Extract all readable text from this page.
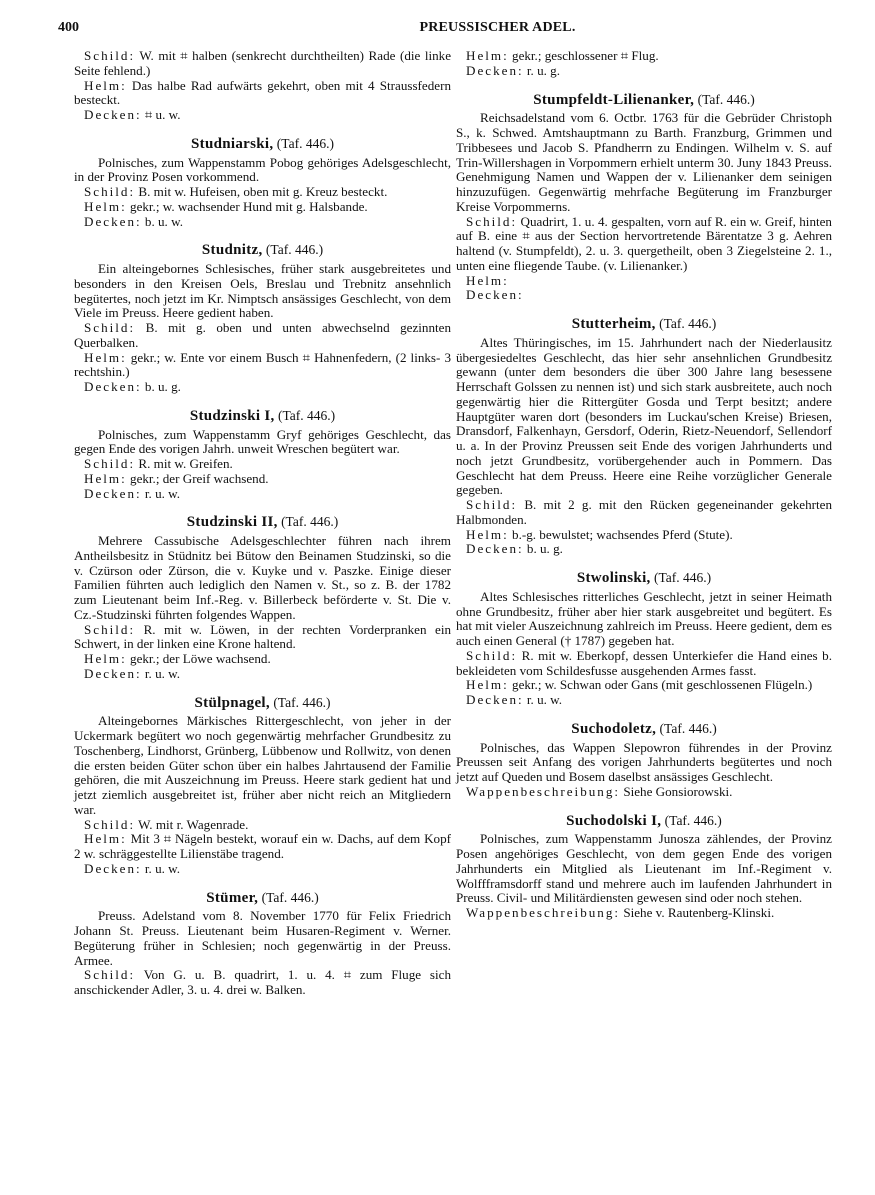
400	PREUSSISCHER ADEL.

Schild: W. mit ⌗ halben (senkrecht durchtheilten) Rade (die linke Seite fehlend.)

Helm: Das halbe Rad aufwärts gekehrt, oben mit 4 Straussfedern besteckt.

Decken: ⌗ u. w.

Studniarski, (Taf. 446.)

Polnisches, zum Wappenstamm Pobog gehöriges Adelsgeschlecht, in der Provinz Posen vorkommend.

Schild: B. mit w. Hufeisen, oben mit g. Kreuz besteckt.

Helm: gekr.; w. wachsender Hund mit g. Halsbande.

Decken: b. u. w.

Studnitz, (Taf. 446.)

Ein alteingebornes Schlesisches, früher stark ausgebreitetes und besonders in den Kreisen Oels, Breslau und Trebnitz ansehnlich begütertes, noch jetzt im Kr. Nimptsch ansässiges Geschlecht, von dem Viele im Preuss. Heere gedient haben.

Schild: B. mit g. oben und unten abwechselnd gezinnten Querbalken.

Helm: gekr.; w. Ente vor einem Busch ⌗ Hahnenfedern, (2 links- 3 rechtshin.)

Decken: b. u. g.

Studzinski I, (Taf. 446.)

Polnisches, zum Wappenstamm Gryf gehöriges Geschlecht, das gegen Ende des vorigen Jahrh. unweit Wreschen begütert war.

Schild: R. mit w. Greifen.

Helm: gekr.; der Greif wachsend.

Decken: r. u. w.

Studzinski II, (Taf. 446.)

Mehrere Cassubische Adelsgeschlechter führen nach ihrem Antheilsbesitz in Stüdnitz bei Bütow den Beinamen Studzinski, so die v. Czürson oder Zürson, die v. Kuyke und v. Paszke. Einige dieser Familien führten auch lediglich den Namen v. St., so z. B. der 1782 zum Lieutenant beim Inf.-Reg. v. Billerbeck beförderte v. St. Die v. Cz.-Studzinski führten folgendes Wappen.

Schild: R. mit w. Löwen, in der rechten Vorderpranken ein Schwert, in der linken eine Krone haltend.

Helm: gekr.; der Löwe wachsend.

Decken: r. u. w.

Stülpnagel, (Taf. 446.)

Alteingebornes Märkisches Rittergeschlecht, von jeher in der Uckermark begütert wo noch gegenwärtig mehrfacher Grundbesitz zu Toschenberg, Lindhorst, Grünberg, Lübbenow und Rollwitz, von denen die ersten beiden Güter schon über ein halbes Jahrtausend der Familie gehören, die mit Auszeichnung im Preuss. Heere stark gedient hat und jetzt ziemlich ausgebreitet ist, früher aber nicht reich an Mitgliedern war.

Schild: W. mit r. Wagenrade.

Helm: Mit 3 ⌗ Nägeln bestekt, worauf ein w. Dachs, auf dem Kopf 2 w. schräggestellte Lilienstäbe tragend.

Decken: r. u. w.

Stümer, (Taf. 446.)

Preuss. Adelstand vom 8. November 1770 für Felix Friedrich Johann St. Preuss. Lieutenant beim Husaren-Regiment v. Werner. Begüterung früher in Schlesien; noch gegenwärtig in der Preuss. Armee.

Schild: Von G. u. B. quadrirt, 1. u. 4. ⌗ zum Fluge sich anschickender Adler, 3. u. 4. drei w. Balken.

Helm: gekr.; geschlossener ⌗ Flug.

Decken: r. u. g.

Stumpfeldt-Lilienanker, (Taf. 446.)

Reichsadelstand vom 6. Octbr. 1763 für die Gebrüder Christoph S., k. Schwed. Amtshauptmann zu Barth. Franzburg, Grimmen und Tribbesees und Jacob S. Pfandherrn zu Endingen. Wilhelm v. S. auf Trin-Willershagen in Vorpommern erhielt unterm 30. Juny 1843 Preuss. Genehmigung Namen und Wappen der v. Lilienanker dem seinigen hinzuzufügen. Gegenwärtig mehrfache Begüterung im Franzburger Kreise Vorpommerns.

Schild: Quadrirt, 1. u. 4. gespalten, vorn auf R. ein w. Greif, hinten auf B. eine ⌗ aus der Section hervortretende Bärentatze 3 g. Aehren haltend (v. Stumpfeldt), 2. u. 3. quergetheilt, oben 3 Ziegelsteine 2. 1., unten eine fliegende Taube. (v. Lilienanker.)

Helm:

Decken:

Stutterheim, (Taf. 446.)

Altes Thüringisches, im 15. Jahrhundert nach der Niederlausitz übergesiedeltes Geschlecht, das hier sehr ansehnlichen Grundbesitz gewann (unter dem besonders die über 300 Jahre lang besessene Herrschaft Golssen zu nennen ist) und sich stark ausbreitete, auch noch gegenwärtig hier die Rittergüter Gosda und Terpt besitzt; andere Hauptgüter waren dort (besonders im Luckau'schen Kreise) Briesen, Dransdorf, Falkenhayn, Gersdorf, Oderin, Rietz-Neuendorf, Sellendorf u. a. In der Provinz Preussen seit Ende des vorigen Jahrhunderts und noch jetzt Grundbesitz, vorübergehender auch in Pommern. Das Geschlecht hat dem Preuss. Heere eine Reihe vorzüglicher Generale gegeben.

Schild: B. mit 2 g. mit den Rücken gegeneinander gekehrten Halbmonden.

Helm: b.-g. bewulstet; wachsendes Pferd (Stute).

Decken: b. u. g.

Stwolinski, (Taf. 446.)

Altes Schlesisches ritterliches Geschlecht, jetzt in seiner Heimath ohne Grundbesitz, früher aber hier stark ausgebreitet und begütert. Es hat mit vieler Auszeichnung zahlreich im Preuss. Heere gedient, dem es auch einen General († 1787) gegeben hat.

Schild: R. mit w. Eberkopf, dessen Unterkiefer die Hand eines b. bekleideten vom Schildesfusse ausgehenden Armes fasst.

Helm: gekr.; w. Schwan oder Gans (mit geschlossenen Flügeln.)

Decken: r. u. w.

Suchodoletz, (Taf. 446.)

Polnisches, das Wappen Slepowron führendes in der Provinz Preussen seit Anfang des vorigen Jahrhunderts begütertes und noch jetzt auf Queden und Bosem daselbst ansässiges Geschlecht.

Wappenbeschreibung: Siehe Gonsiorowski.

Suchodolski I, (Taf. 446.)

Polnisches, zum Wappenstamm Junosza zählendes, der Provinz Posen angehöriges Geschlecht, von dem gegen Ende des vorigen Jahrhunderts ein Mitglied als Lieutenant im Inf.-Regiment v. Wolffframsdorff stand und mehrere auch im laufenden Jahrhundert in Preuss. Civil- und Militärdiensten gewesen sind oder noch stehen.

Wappenbeschreibung: Siehe v. Rautenberg-Klinski.
